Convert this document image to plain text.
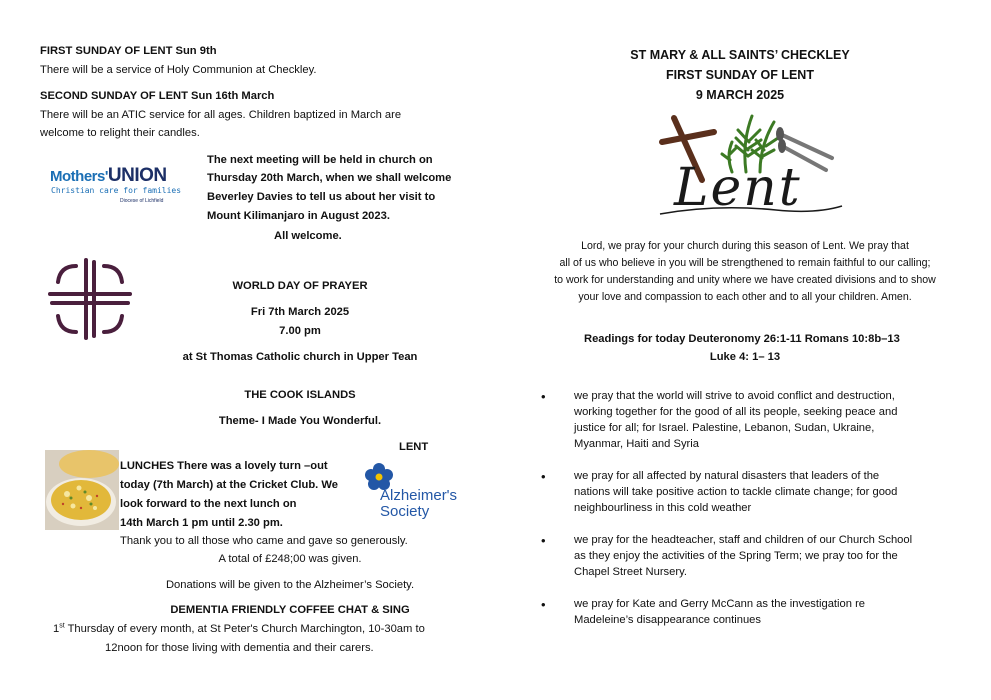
FIRST SUNDAY OF LENT Sun 9th
There will be a service of Holy Communion at Checkley.
SECOND SUNDAY OF LENT Sun 16th March
There will be an ATIC service for all ages. Children baptized in March are
welcome to relight their candles.
Mothers'UNION
Christian care for families
Diocese of Lichfield
The next meeting will be held in church on
Thursday 20th March, when we shall welcome
Beverley Davies to tell us about her visit to
Mount Kilimanjaro in August 2023.
All welcome.
WORLD DAY OF PRAYER
Fri 7th March 2025
7.00 pm
at St Thomas Catholic church in Upper Tean
THE COOK ISLANDS
Theme- I Made You Wonderful.
LENT
LUNCHES There was a lovely turn –out
today (7th March) at the Cricket Club. We
look forward to the next lunch on
14th March 1 pm until 2.30 pm.
Thank you to all those who came and gave so generously.
A total of £248;00 was given.
Donations will be given to the Alzheimer’s Society.
Alzheimer's
Society
DEMENTIA FRIENDLY COFFEE CHAT & SING
1st Thursday of every month, at St Peter's Church Marchington, 10-30am to
12noon for those living with dementia and their carers.
ST MARY & ALL SAINTS’ CHECKLEY
FIRST SUNDAY OF LENT
9 MARCH 2025
Lent
Lord, we pray for your church during this season of Lent. We pray that
all of us who believe in you will be strengthened to remain faithful to our calling;
to work for understanding and unity where we have created divisions and to show
your love and compassion to each other and to all your children. Amen.
Readings for today Deuteronomy 26:1-11 Romans 10:8b–13
Luke 4: 1– 13
•	we pray that the world will strive to avoid conflict and destruction,
working together for the good of all its people, seeking peace and
justice for all; for Israel. Palestine, Lebanon, Sudan, Ukraine,
Myanmar, Haiti and Syria
•	we pray for all affected by natural disasters that leaders of the
nations will take positive action to tackle climate change; for good
neighbourliness in this cold weather
•	we pray for the headteacher, staff and children of our Church School
as they enjoy the activities of the Spring Term; we pray too for the
Chapel Street Nursery.
•	we pray for Kate and Gerry McCann as the investigation re
Madeleine’s disappearance continues
